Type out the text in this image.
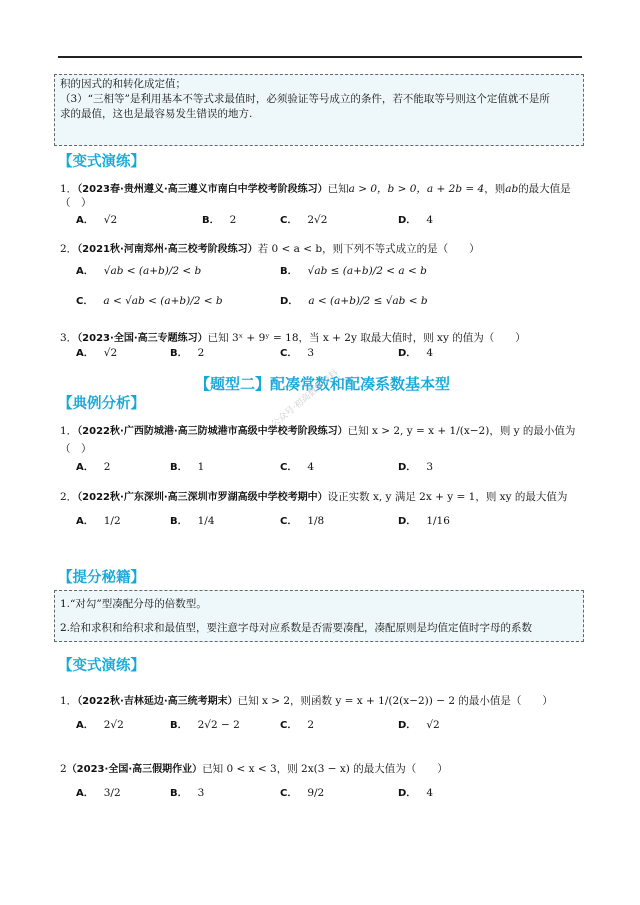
积的因式的和转化成定值；
（3）“三相等”是利用基本不等式求最值时，必须验证等号成立的条件，若不能取等号则这个定值就不是所
求的最值，这也是最容易发生错误的地方.
【变式演练】
1．（2023春·贵州遵义·高三遵义市南白中学校考阶段练习）已知a > 0，b > 0，a + 2b = 4，则ab的最大值是
（　）
A． √2	B． 2	C． 2√2	D． 4
2．（2021秋·河南郑州·高三校考阶段练习）若 0 < a < b，则下列不等式成立的是（　　）
A． √ab < (a+b)/2 < b	B． √ab ≤ (a+b)/2 < a < b
C． a < √ab < (a+b)/2 < b	D． a < (a+b)/2 ≤ √ab < b
3．（2023·全国·高三专题练习）已知 3ˣ + 9ʸ = 18，当 x + 2y 取最大值时，则 xy 的值为（　　）
A． √2	B． 2	C． 3	D． 4
【题型二】配凑常数和配凑系数基本型
【典例分析】
1．（2022秋·广西防城港·高三防城港市高级中学校考阶段练习）已知 x > 2, y = x + 1/(x−2)，则 y 的最小值为
（　）
A． 2	B． 1	C． 4	D． 3
公众号·初高数学资料
2．（2022秋·广东深圳·高三深圳市罗湖高级中学校考期中）设正实数 x, y 满足 2x + y = 1，则 xy 的最大值为
A． 1/2	B． 1/4	C． 1/8	D． 1/16
【提分秘籍】
1.“对勾”型凑配分母的倍数型。
2.给和求积和给积求和最值型，要注意字母对应系数是否需要凑配，凑配原则是均值定值时字母的系数
【变式演练】
1．（2022秋·吉林延边·高三统考期末）已知 x > 2，则函数 y = x + 1/(2(x−2)) − 2 的最小值是（　　）
A． 2√2	B． 2√2 − 2	C． 2	D． √2
2（2023·全国·高三假期作业）已知 0 < x < 3，则 2x(3 − x) 的最大值为（　　）
A． 3/2	B． 3	C． 9/2	D． 4
